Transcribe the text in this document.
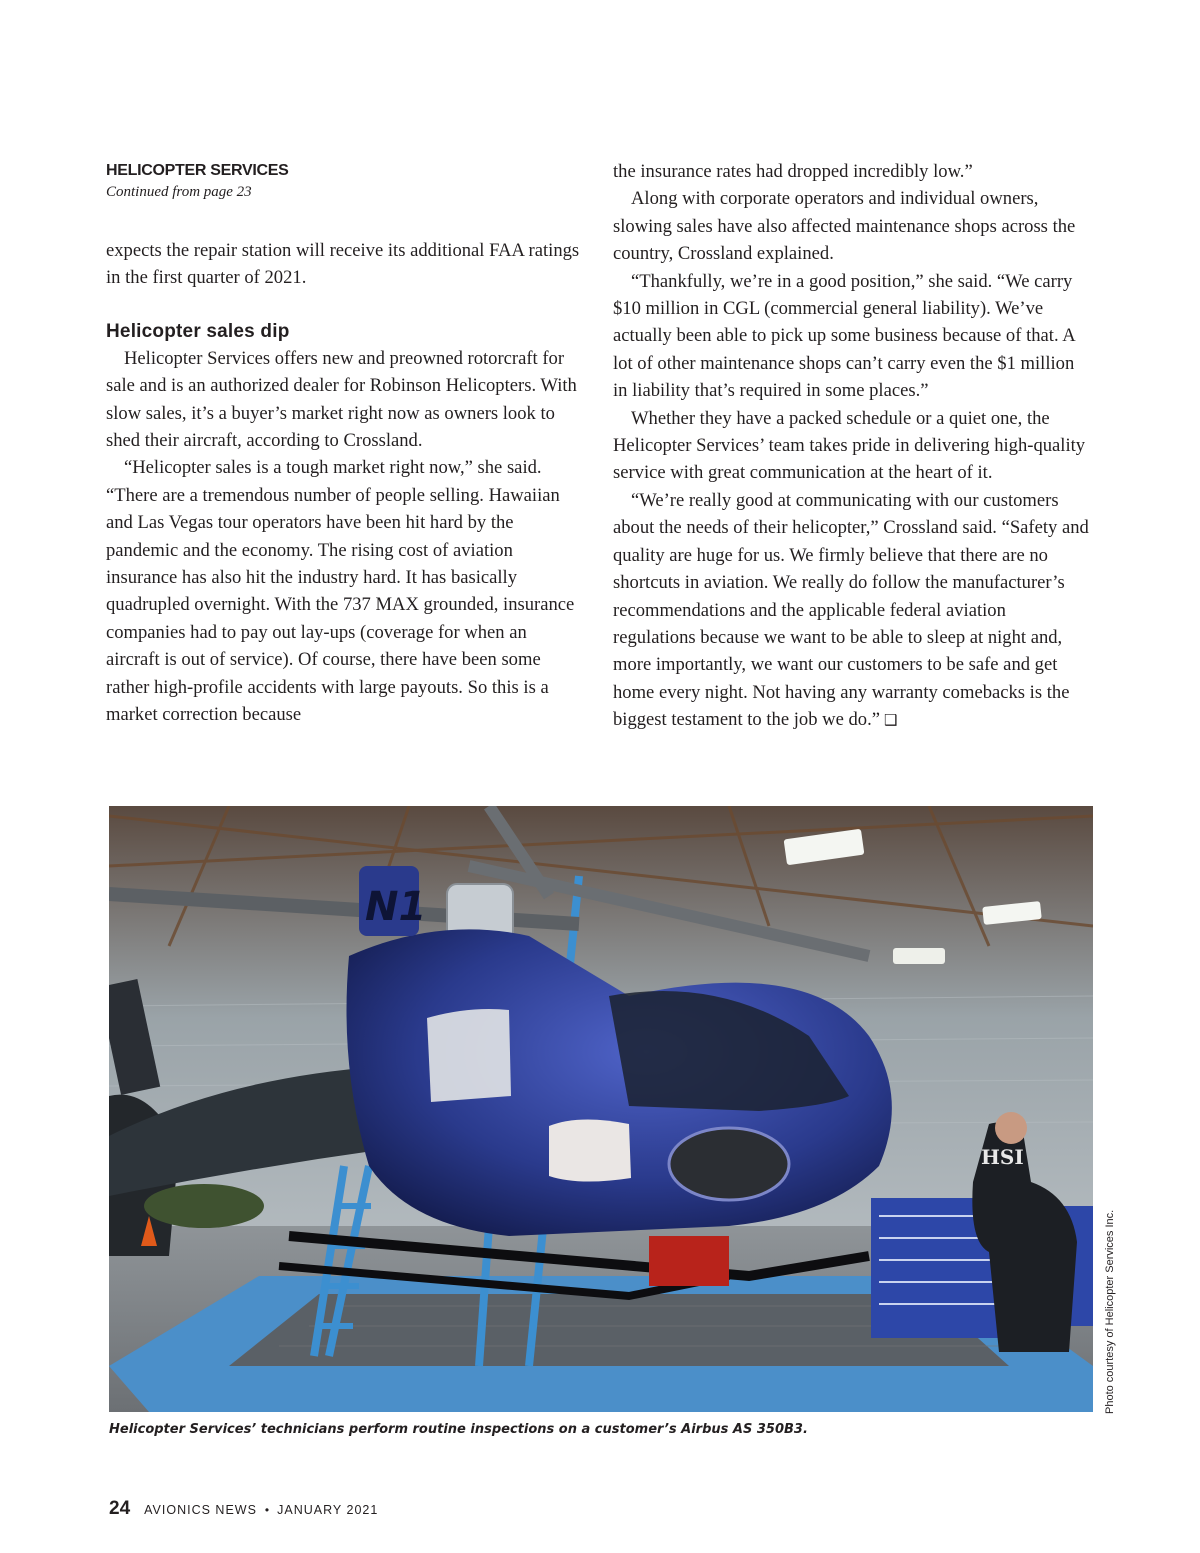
HELICOPTER SERVICES
Continued from page 23

expects the repair station will receive its additional FAA ratings in the first quarter of 2021.

Helicopter sales dip

Helicopter Services offers new and preowned rotorcraft for sale and is an authorized dealer for Robinson Helicopters. With slow sales, it’s a buyer’s market right now as owners look to shed their aircraft, according to Crossland.

“Helicopter sales is a tough market right now,” she said. “There are a tremendous number of people selling. Hawaiian and Las Vegas tour operators have been hit hard by the pandemic and the economy. The rising cost of aviation insurance has also hit the industry hard. It has basically quadrupled overnight. With the 737 MAX grounded, insurance companies had to pay out lay-ups (coverage for when an aircraft is out of service). Of course, there have been some rather high-profile accidents with large payouts. So this is a market correction because

the insurance rates had dropped incredibly low.”

Along with corporate operators and individual owners, slowing sales have also affected maintenance shops across the country, Crossland explained.

“Thankfully, we’re in a good position,” she said. “We carry $10 million in CGL (commercial general liability). We’ve actually been able to pick up some business because of that. A lot of other maintenance shops can’t carry even the $1 million in liability that’s required in some places.”

Whether they have a packed schedule or a quiet one, the Helicopter Services’ team takes pride in delivering high-quality service with great communication at the heart of it.

“We’re really good at communicating with our customers about the needs of their helicopter,” Crossland said. “Safety and quality are huge for us. We firmly believe that there are no shortcuts in aviation. We really do follow the manufacturer’s recommendations and the applicable federal aviation regulations because we want to be able to sleep at night and, more importantly, we want our customers to be safe and get home every night. Not having any warranty comebacks is the biggest testament to the job we do.” ❑

HSI
N1
Photo courtesy of Helicopter Services Inc.
Helicopter Services’ technicians perform routine inspections on a customer’s Airbus AS 350B3.
24 AVIONICS NEWS • JANUARY 2021
